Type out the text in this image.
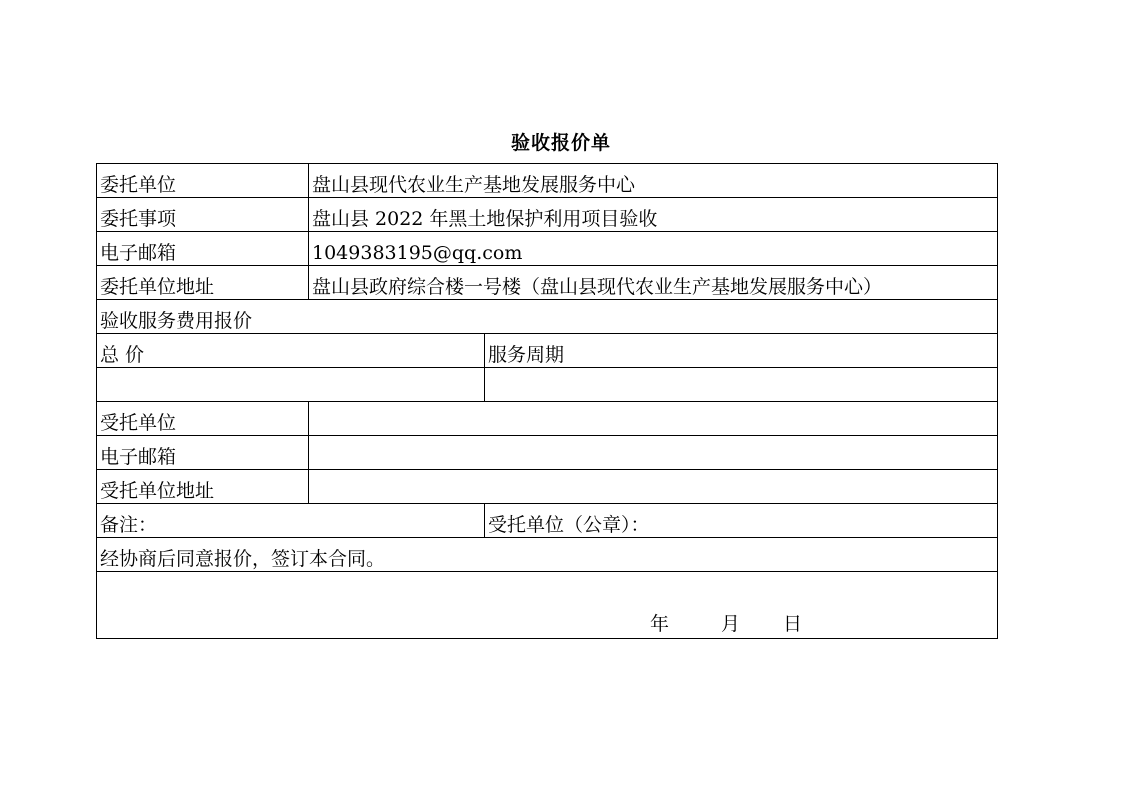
验收报价单
委托单位	盘山县现代农业生产基地发展服务中心	
委托事项	盘山县 2022 年黑土地保护利用项目验收	
电子邮箱	1049383195@qq.com	
委托单位地址	盘山县政府综合楼一号楼（盘山县现代农业生产基地发展服务中心）	
验收服务费用报价		
总 价		服务周期

受托单位		
电子邮箱		
受托单位地址		
备注：		受托单位（公章）：
经协商后同意报价，签订本合同。		

年 月 日		
